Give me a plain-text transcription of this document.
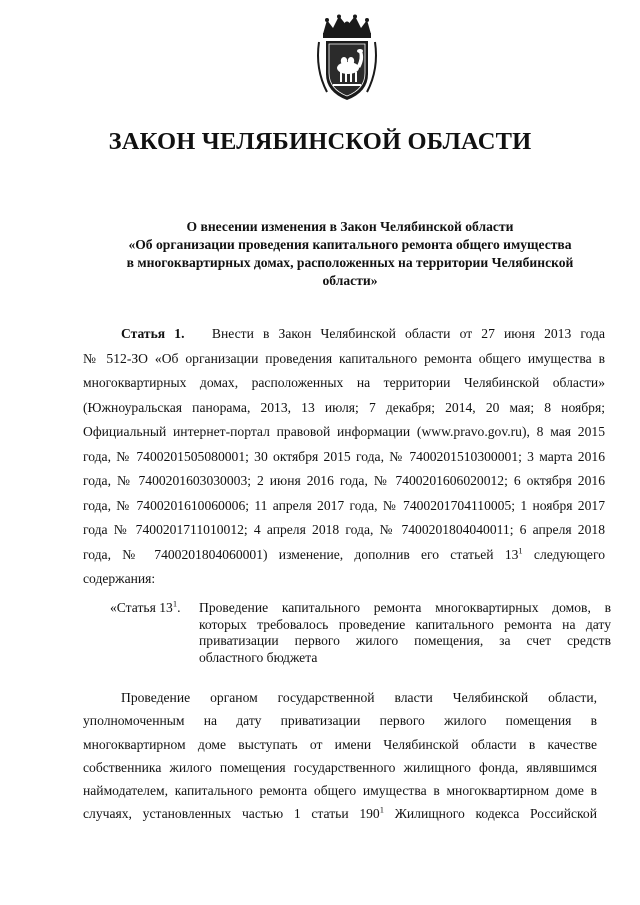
ЗАКОН ЧЕЛЯБИНСКОЙ ОБЛАСТИ
О внесении изменения в Закон Челябинской области
«Об организации проведения капитального ремонта общего имущества
в многоквартирных домах, расположенных на территории Челябинской
области»
Статья 1. Внести в Закон Челябинской области от 27 июня 2013 года
№ 512-ЗО «Об организации проведения капитального ремонта общего имущества в
многоквартирных домах, расположенных на территории Челябинской области»
(Южноуральская панорама, 2013, 13 июля; 7 декабря; 2014, 20 мая; 8 ноября;
Официальный интернет-портал правовой информации (www.pravo.gov.ru), 8 мая 2015
года, № 7400201505080001; 30 октября 2015 года, № 7400201510300001; 3 марта 2016
года, № 7400201603030003; 2 июня 2016 года, № 7400201606020012; 6 октября 2016
года, № 7400201610060006; 11 апреля 2017 года, № 7400201704110005; 1 ноября 2017
года № 7400201711010012; 4 апреля 2018 года, № 7400201804040011; 6 апреля 2018
года, № 7400201804060001) изменение, дополнив его статьей $13^1$ следующего
содержания:
«Статья $13^1$. Проведение капитального ремонта многоквартирных домов, в
которых требовалось проведение капитального ремонта на дату
приватизации первого жилого помещения, за счет средств
областного бюджета
Проведение органом государственной власти Челябинской области,
уполномоченным на дату приватизации первого жилого помещения в
многоквартирном доме выступать от имени Челябинской области в качестве
собственника жилого помещения государственного жилищного фонда, являвшимся
наймодателем, капитального ремонта общего имущества в многоквартирном доме в
случаях, установленных частью 1 статьи $190^1$ Жилищного кодекса Российской
